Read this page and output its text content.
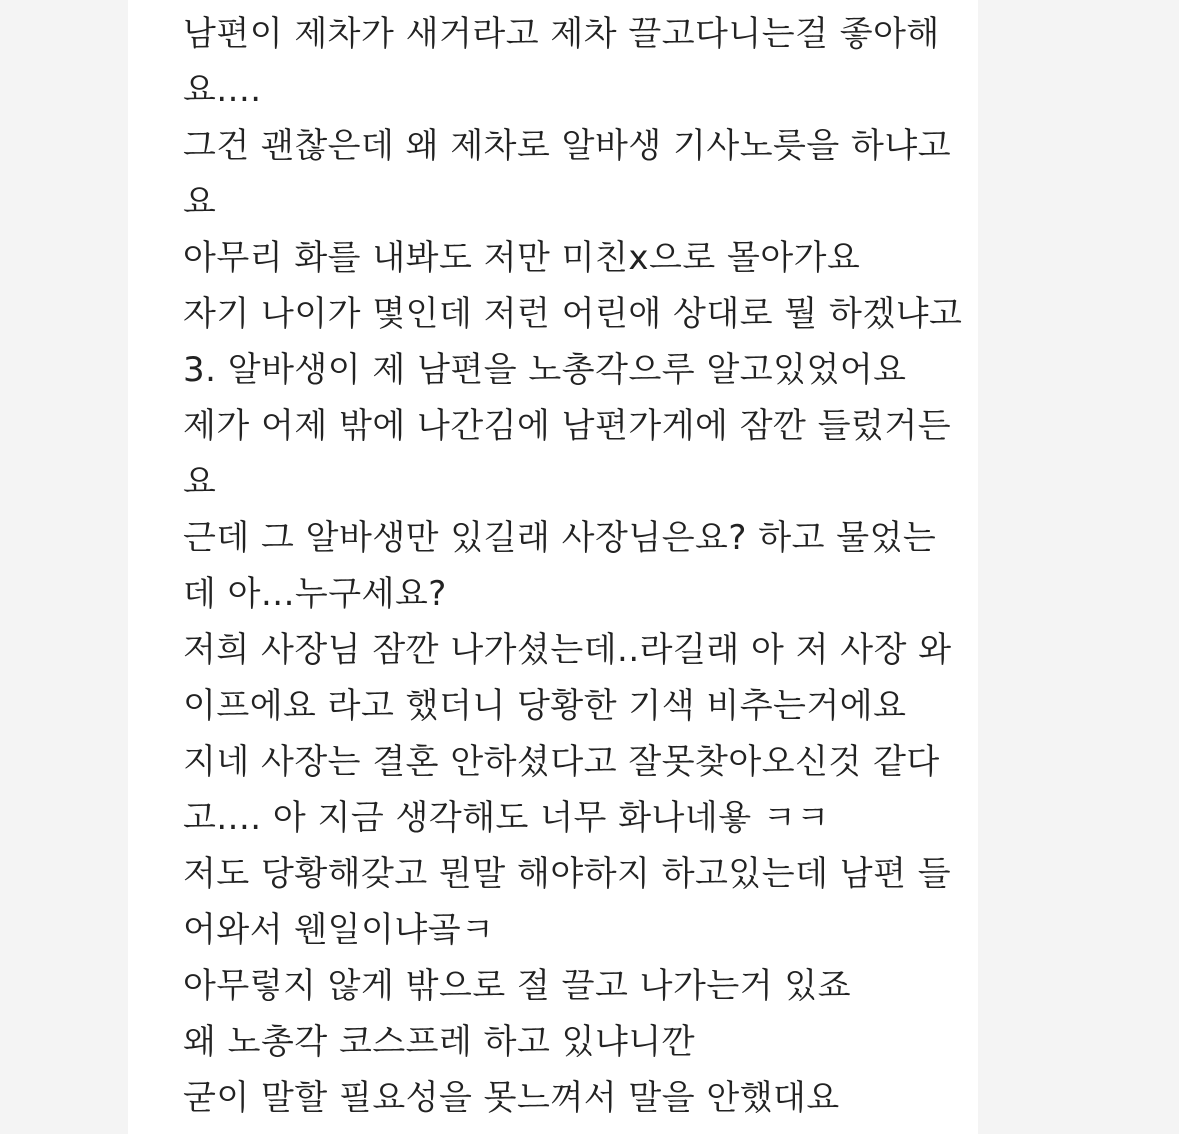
남편이 제차가 새거라고 제차 끌고다니는걸 좋아해
요....
그건 괜찮은데 왜 제차로 알바생 기사노릇을 하냐고
요
아무리 화를 내봐도 저만 미친x으로 몰아가요
자기 나이가 몇인데 저런 어린애 상대로 뭘 하겠냐고
3. 알바생이 제 남편을 노총각으루 알고있었어요
제가 어제 밖에 나간김에 남편가게에 잠깐 들렀거든
요
근데 그 알바생만 있길래 사장님은요? 하고 물었는
데 아...누구세요?
저희 사장님 잠깐 나가셨는데..라길래 아 저 사장 와
이프에요 라고 했더니 당황한 기색 비추는거에요
지네 사장는 결혼 안하셨다고 잘못찾아오신것 같다
고.... 아 지금 생각해도 너무 화나네욯 ㅋㅋ
저도 당황해갖고 뭔말 해야하지 하고있는데 남편 들
어와서 웬일이냐곸ㅋ
아무렇지 않게 밖으로 절 끌고 나가는거 있죠
왜 노총각 코스프레 하고 있냐니깐
굳이 말할 필요성을 못느껴서 말을 안했대요
